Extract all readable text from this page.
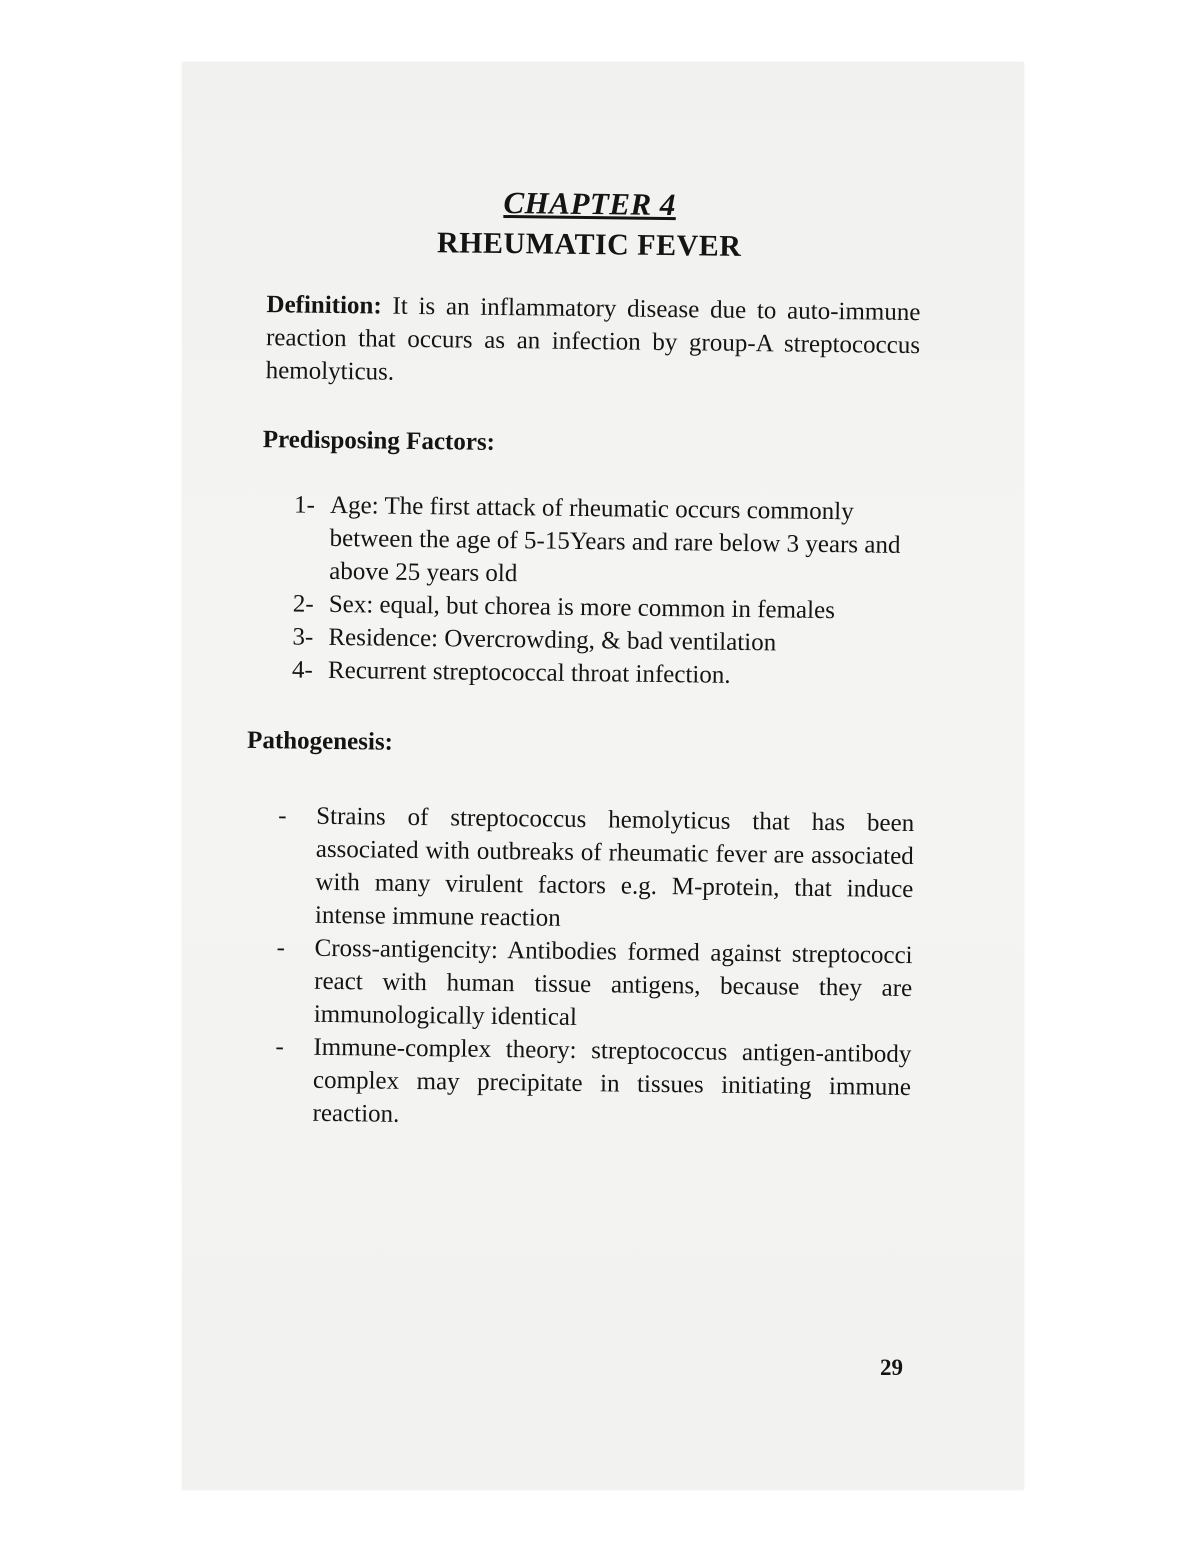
CHAPTER 4

RHEUMATIC FEVER

Definition: It is an inflammatory disease due to auto-immune reaction that occurs as an infection by group-A streptococcus hemolyticus.

Predisposing Factors:

1- Age: The first attack of rheumatic occurs commonly between the age of 5-15Years and rare below 3 years and above 25 years old
2- Sex: equal, but chorea is more common in females
3- Residence: Overcrowding, & bad ventilation
4- Recurrent streptococcal throat infection.

Pathogenesis:

- Strains of streptococcus hemolyticus that has been associated with outbreaks of rheumatic fever are associated with many virulent factors e.g. M-protein, that induce intense immune reaction
- Cross-antigencity: Antibodies formed against streptococci react with human tissue antigens, because they are immunologically identical
- Immune-complex theory: streptococcus antigen-antibody complex may precipitate in tissues initiating immune reaction.
29
